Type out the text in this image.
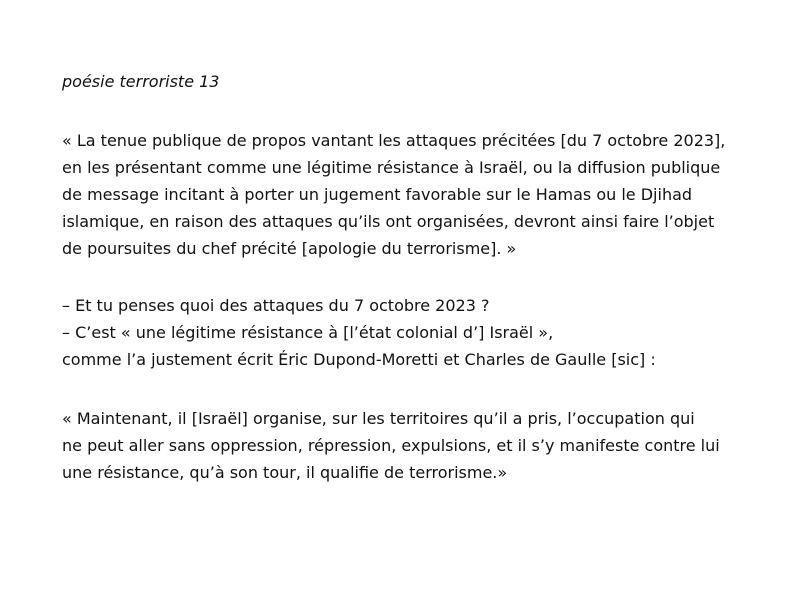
poésie terroriste 13
« La tenue publique de propos vantant les attaques précitées [du 7 octobre 2023],
en les présentant comme une légitime résistance à Israël, ou la diffusion publique
de message incitant à porter un jugement favorable sur le Hamas ou le Djihad
islamique, en raison des attaques qu’ils ont organisées, devront ainsi faire l’objet
de poursuites du chef précité [apologie du terrorisme]. »
– Et tu penses quoi des attaques du 7 octobre 2023 ?
– C’est « une légitime résistance à [l’état colonial d’] Israël »,
comme l’a justement écrit Éric Dupond-Moretti et Charles de Gaulle [sic] :
« Maintenant, il [Israël] organise, sur les territoires qu’il a pris, l’occupation qui
ne peut aller sans oppression, répression, expulsions, et il s’y manifeste contre lui
une résistance, qu’à son tour, il qualifie de terrorisme.»
